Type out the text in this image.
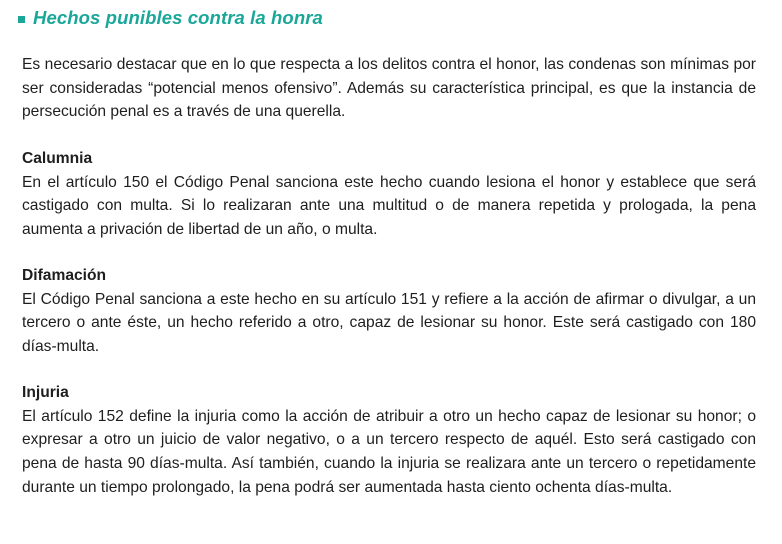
Hechos punibles contra la honra

Es necesario destacar que en lo que respecta a los delitos contra el honor, las condenas son mínimas por ser consideradas “potencial menos ofensivo”. Además su característica principal, es que la instancia de persecución penal es a través de una querella.

Calumnia

En el artículo 150 el Código Penal sanciona este hecho cuando lesiona el honor y establece que será castigado con multa. Si lo realizaran ante una multitud o de manera repetida y prologada, la pena aumenta a privación de libertad de un año, o multa.

Difamación

El Código Penal sanciona a este hecho en su artículo 151 y refiere a la acción de afirmar o divulgar, a un tercero o ante éste, un hecho referido a otro, capaz de lesionar su honor. Este será castigado con 180 días-multa.

Injuria

El artículo 152 define la injuria como la acción de atribuir a otro un hecho capaz de lesionar su honor; o expresar a otro un juicio de valor negativo, o a un tercero respecto de aquél. Esto será castigado con pena de hasta 90 días-multa. Así también, cuando la injuria se realizara ante un tercero o repetidamente durante un tiempo prolongado, la pena podrá ser aumentada hasta ciento ochenta días-multa.
